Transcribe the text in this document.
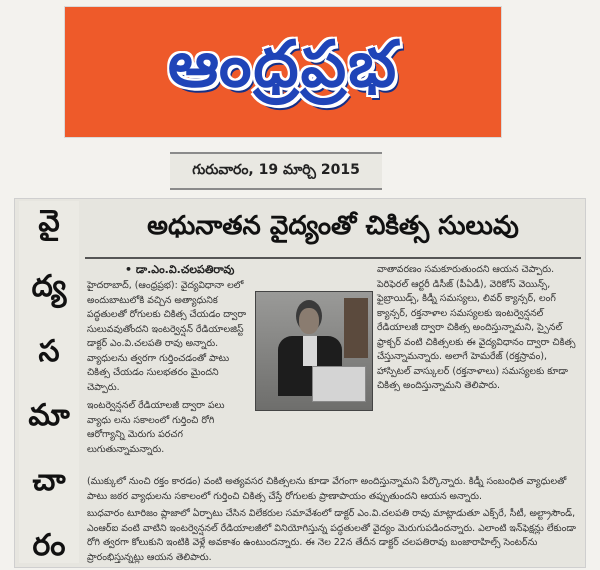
ఆంధ్రప్రభ
గురువారం, 19 మార్చి 2015
వై
ద్య
స
మా
చా
రం
అధునాతన వైద్యంతో చికిత్స సులువు
• డా.ఎం.వి.చలపతిరావు

హైదరాబాద్, (ఆంధ్రప్రభ): వైద్యవిధానా లలో అందుబాటులోకి వచ్చిన అత్యాధునిక పద్ధతులతో రోగులకు చికిత్స చేయడం ద్వారా సులువవుతోందని ఇంటర్వెన్షన్ రేడియాలజిస్ట్ డాక్టర్ ఎం.వి.చలపతి రావు అన్నారు. వ్యాధులను త్వరగా గుర్తించడంతో పాటు చికిత్స చేయడం సులభతరం మైందని చెప్పారు.

ఇంటర్వెన్షనల్ రేడియాలజీ ద్వారా పలు వ్యాధు లను సకాలంలో గుర్తించి రోగి ఆరోగ్యాన్ని మెరుగు పరచగ లుగుతున్నామన్నారు.

వాతావరణం సమకూరుతుందని ఆయన చెప్పారు. పెరిఫెరల్ ఆర్టరీ డిసీజ్ (పీఏడీ), వెరికోస్ వెయిన్స్, ఫైబ్రాయిడ్స్, కిడ్నీ సమస్యలు, లివర్ క్యాన్సర్, లంగ్ క్యాన్సర్, రక్తనాళాల సమస్యలకు ఇంటర్వెన్షనల్ రేడియాలజీ ద్వారా చికిత్స అందిస్తున్నామని, స్పైనల్ ఫ్రాక్చర్ వంటి చికిత్సలకు ఈ వైద్యవిధానం ద్వారా చికిత్స చేస్తున్నామన్నారు. అలాగే హెమరేజ్ (రక్తస్రావం), హాస్పిటల్ వాస్కులర్ (రక్తనాళాలు) సమస్యలకు కూడా చికిత్స అందిస్తున్నామని తెలిపారు.

(ముక్కులో నుంచి రక్తం కారడం) వంటి అత్యవసర చికిత్సలను కూడా వేగంగా అందిస్తున్నామని పేర్కొన్నారు. కిడ్నీ సంబంధిత వ్యాధులతో పాటు జఠర వ్యాధులను సకాలంలో గుర్తించి చికిత్స చేస్తే రోగులకు ప్రాణాపాయం తప్పుతుందని ఆయన అన్నారు.

బుధవారం టూరిజం ప్లాజాలో ఏర్పాటు చేసిన విలేకరుల సమావేశంలో డాక్టర్ ఎం.వి.చలపతి రావు మాట్లాడుతూ ఎక్స్‌రే, సీటీ, అల్ట్రాసౌండ్, ఎంఆర్‌ఐ వంటి వాటిని ఇంటర్వెన్షనల్ రేడియాలజీలో వినియోగిస్తున్న పద్ధతులతో వైద్యం మెరుగుపడిందన్నారు. ఎలాంటి ఇన్‌ఫెక్షన్లు లేకుండా రోగి త్వరగా కోలుకుని ఇంటికి వెళ్లే అవకాశం ఉంటుందన్నారు. ఈ నెల 22న తేదీన డాక్టర్ చలపతిరావు బంజారాహిల్స్ సెంటర్‌ను ప్రారంభిస్తున్నట్లు ఆయన తెలిపారు.
